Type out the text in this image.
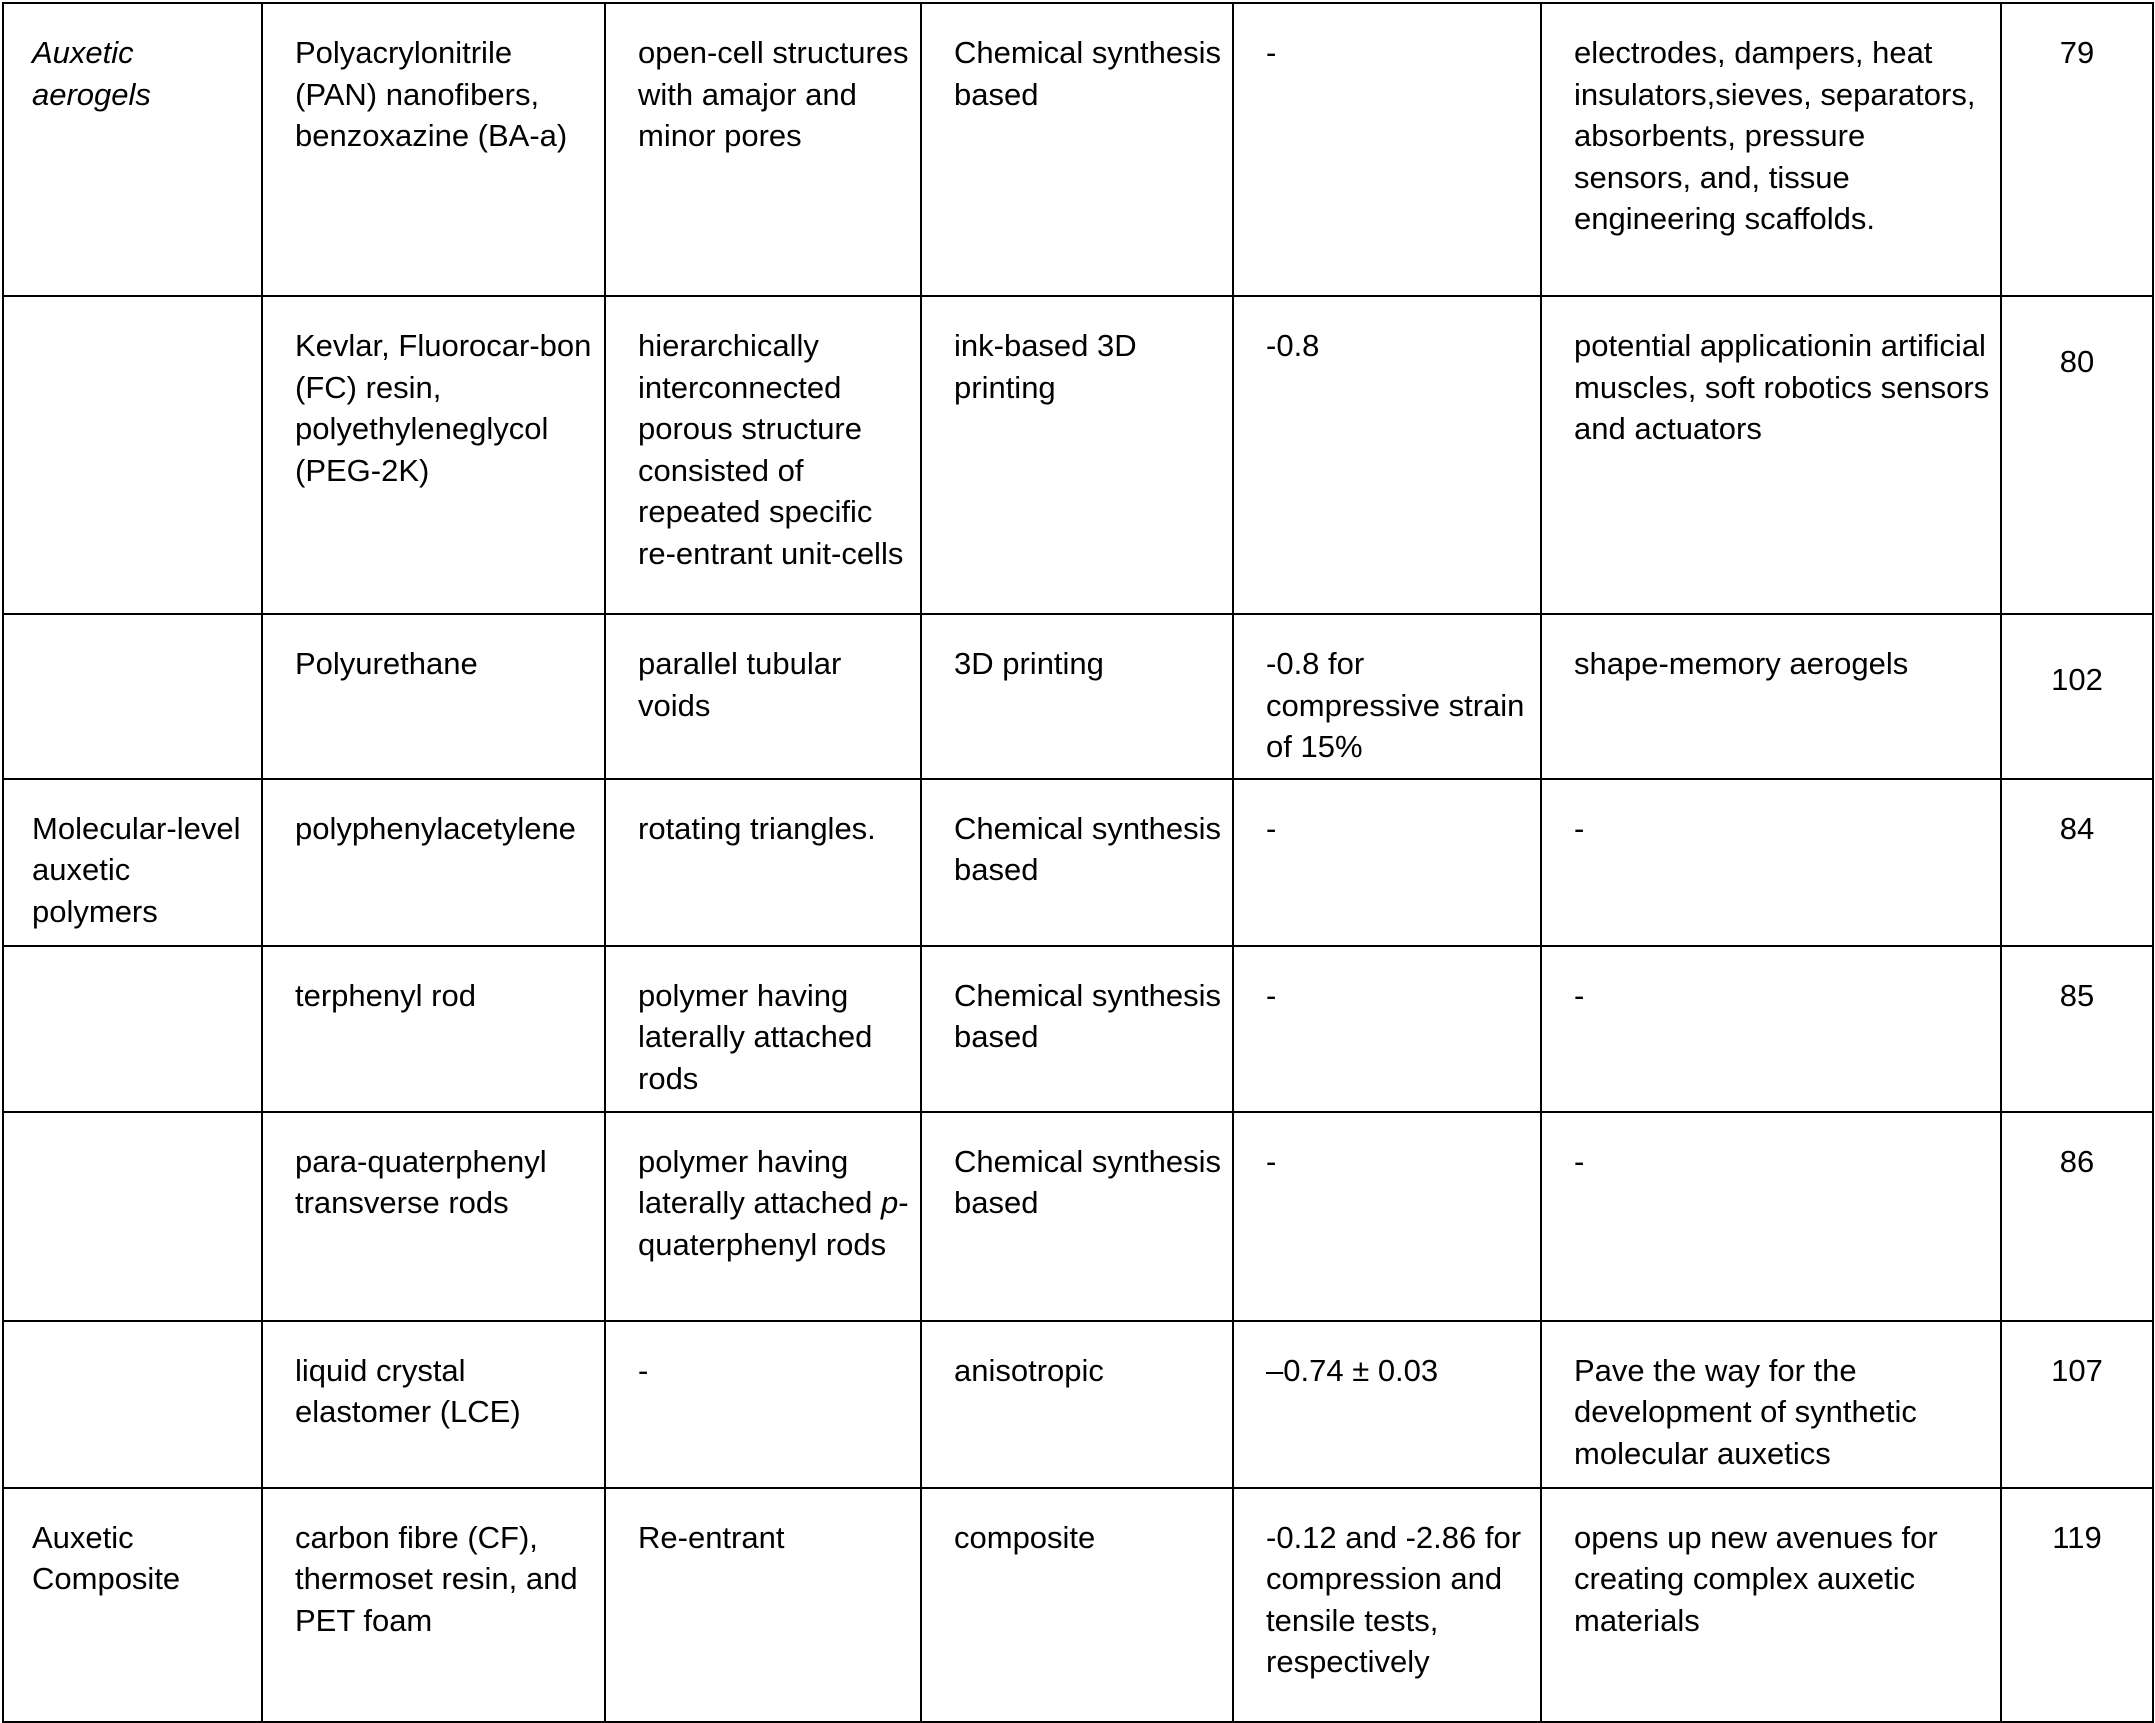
Auxetic aerogels	Polyacrylonitrile (PAN) nanofibers, benzoxazine (BA-a)	open-cell structures with amajor and minor pores	Chemical synthesis based	-	electrodes, dampers, heat insulators,sieves, separators, absorbents, pressure sensors, and, tissue engineering scaffolds.	79
	Kevlar, Fluorocar-bon (FC) resin, polyethyleneglycol (PEG-2K)	hierarchically interconnected porous structure consisted of repeated specific re-entrant unit-cells	ink-based 3D printing	-0.8	potential applicationin artificial muscles, soft robotics sensors and actuators	80
	Polyurethane	parallel tubular voids	3D printing	-0.8 for compressive strain of 15%	shape-memory aerogels	102
Molecular-level auxetic polymers	polyphenylacetylene	rotating triangles.	Chemical synthesis based	-	-	84
	terphenyl rod	polymer having laterally attached rods	Chemical synthesis based	-	-	85
	para-quaterphenyl transverse rods	polymer having laterally attached p-quaterphenyl rods	Chemical synthesis based	-	-	86
	liquid crystal elastomer (LCE)	-	anisotropic	–0.74 ± 0.03	Pave the way for the development of synthetic molecular auxetics	107
Auxetic Composite	carbon fibre (CF), thermoset resin, and PET foam	Re-entrant	composite	-0.12 and -2.86 for compression and tensile tests, respectively	opens up new avenues for creating complex auxetic materials	119
